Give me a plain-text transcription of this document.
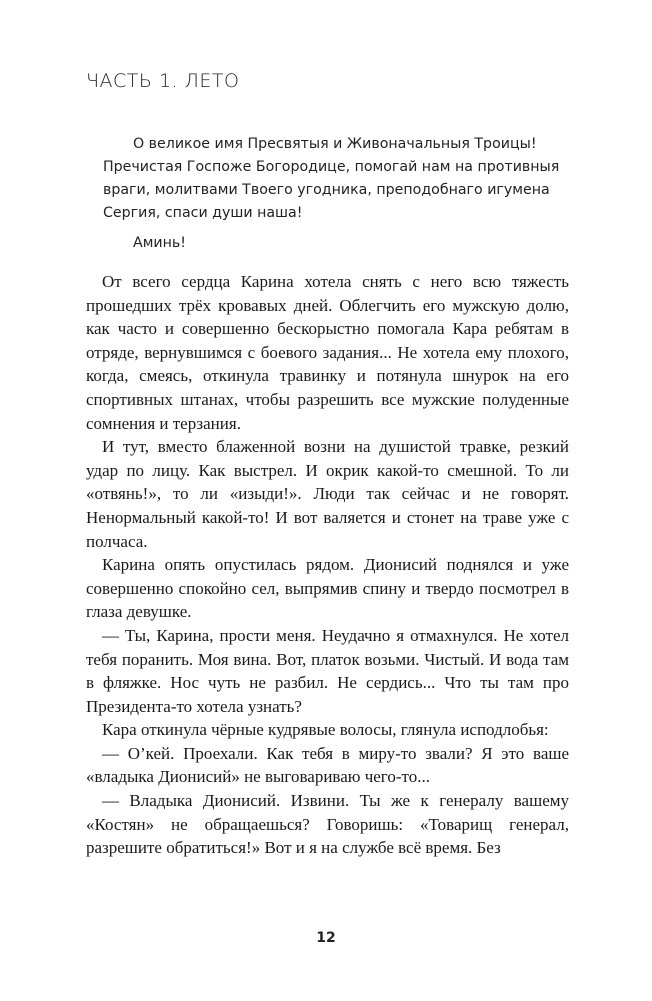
ЧАСТЬ 1. ЛЕТО

О великое имя Пресвятыя и Живоначальныя Троицы! Пречистая Госпоже Богородице, помогай нам на противныя враги, молитвами Твоего угодника, преподобнаго игумена Сергия, спаси души наша!

Аминь!

От всего сердца Карина хотела снять с него всю тяжесть прошедших трёх кровавых дней. Облегчить его мужскую долю, как часто и совершенно бескорыстно помогала Кара ребятам в отряде, вернувшимся с боевого задания... Не хотела ему плохого, когда, смеясь, откинула травинку и потянула шнурок на его спортивных штанах, чтобы разрешить все мужские полуденные сомнения и терзания.

И тут, вместо блаженной возни на душистой травке, резкий удар по лицу. Как выстрел. И окрик какой-то смешной. То ли «отвянь!», то ли «изыди!». Люди так сейчас и не говорят. Ненормальный какой-то! И вот валяется и стонет на траве уже с полчаса.

Карина опять опустилась рядом. Дионисий поднялся и уже совершенно спокойно сел, выпрямив спину и твердо посмотрел в глаза девушке.

— Ты, Карина, прости меня. Неудачно я отмахнулся. Не хотел тебя поранить. Моя вина. Вот, платок возьми. Чистый. И вода там в фляжке. Нос чуть не разбил. Не сердись... Что ты там про Президента-то хотела узнать?

Кара откинула чёрные кудрявые волосы, глянула исподлобья:

— О’кей. Проехали. Как тебя в миру-то звали? Я это ваше «владыка Дионисий» не выговариваю чего-то...

— Владыка Дионисий. Извини. Ты же к генералу вашему «Костян» не обращаешься? Говоришь: «Товарищ генерал, разрешите обратиться!» Вот и я на службе всё время. Без

12
